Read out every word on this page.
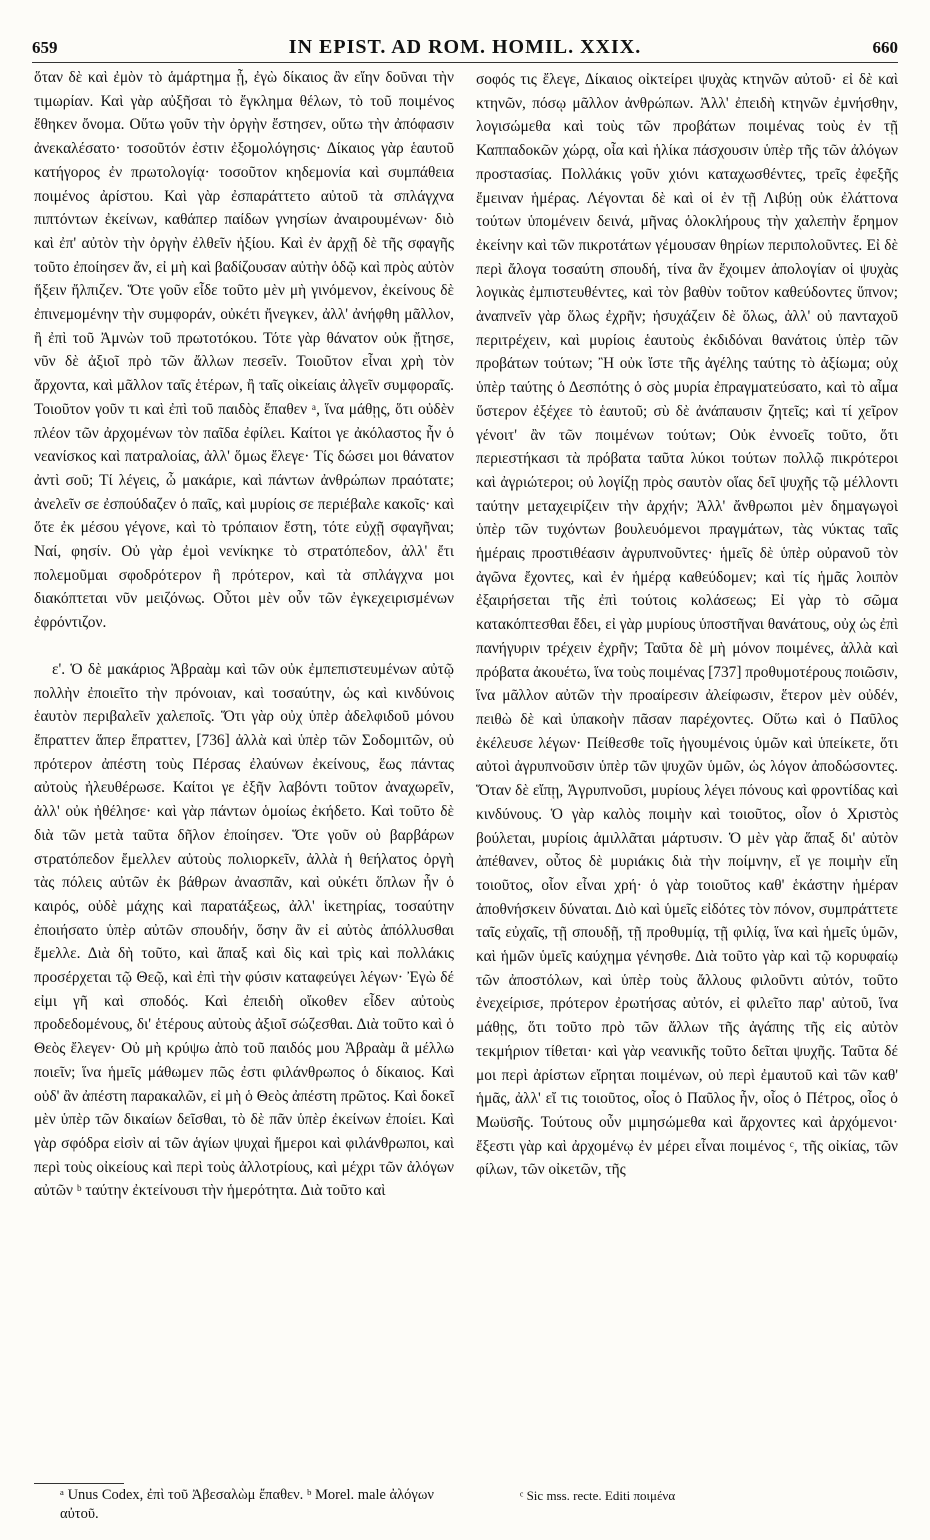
659	IN EPIST. AD ROM. HOMIL. XXIX.	660

ὅταν δὲ καὶ ἐμὸν τὸ ἁμάρτημα ᾖ, ἐγὼ δίκαιος ἂν εἴην δοῦναι τὴν τιμωρίαν. Καὶ γὰρ αὐξῆσαι τὸ ἔγκλημα θέλων, τὸ τοῦ ποιμένος ἔθηκεν ὄνομα. Οὕτω γοῦν τὴν ὀργὴν ἔστησεν, οὕτω τὴν ἀπόφασιν ἀνεκαλέσατο· τοσοῦτόν ἐστιν ἐξομολόγησις· Δίκαιος γὰρ ἑαυτοῦ κατήγορος ἐν πρωτολογίᾳ· τοσοῦτον κηδεμονία καὶ συμπάθεια ποιμένος ἀρίστου. Καὶ γὰρ ἐσπαράττετο αὐτοῦ τὰ σπλάγχνα πιπτόντων ἐκείνων, καθάπερ παίδων γνησίων ἀναιρουμένων· διὸ καὶ ἐπ' αὐτὸν τὴν ὀργὴν ἐλθεῖν ἠξίου. Καὶ ἐν ἀρχῇ δὲ τῆς σφαγῆς τοῦτο ἐποίησεν ἄν, εἰ μὴ καὶ βαδίζουσαν αὐτὴν ὁδῷ καὶ πρὸς αὐτὸν ἥξειν ἤλπιζεν. Ὅτε γοῦν εἶδε τοῦτο μὲν μὴ γινόμενον, ἐκείνους δὲ ἐπινεμομένην τὴν συμφοράν, οὐκέτι ἤνεγκεν, ἀλλ' ἀνήφθη μᾶλλον, ἢ ἐπὶ τοῦ Ἀμνὼν τοῦ πρωτοτόκου. Τότε γὰρ θάνατον οὐκ ᾔτησε, νῦν δὲ ἀξιοῖ πρὸ τῶν ἄλλων πεσεῖν. Τοιοῦτον εἶναι χρὴ τὸν ἄρχοντα, καὶ μᾶλλον ταῖς ἑτέρων, ἢ ταῖς οἰκείαις ἀλγεῖν συμφοραῖς. Τοιοῦτον γοῦν τι καὶ ἐπὶ τοῦ παιδὸς ἔπαθεν ᵃ, ἵνα μάθῃς, ὅτι οὐδὲν πλέον τῶν ἀρχομένων τὸν παῖδα ἐφίλει. Καίτοι γε ἀκόλαστος ἦν ὁ νεανίσκος καὶ πατραλοίας, ἀλλ' ὅμως ἔλεγε· Τίς δώσει μοι θάνατον ἀντὶ σοῦ; Τί λέγεις, ὦ μακάριε, καὶ πάντων ἀνθρώπων πραότατε; ἀνελεῖν σε ἐσπούδαζεν ὁ παῖς, καὶ μυρίοις σε περιέβαλε κακοῖς· καὶ ὅτε ἐκ μέσου γέγονε, καὶ τὸ τρόπαιον ἔστη, τότε εὐχῇ σφαγῆναι; Ναί, φησίν. Οὐ γὰρ ἐμοὶ νενίκηκε τὸ στρατόπεδον, ἀλλ' ἔτι πολεμοῦμαι σφοδρότερον ἢ πρότερον, καὶ τὰ σπλάγχνα μοι διακόπτεται νῦν μειζόνως. Οὗτοι μὲν οὖν τῶν ἐγκεχειρισμένων ἐφρόντιζον.

ε'. Ὁ δὲ μακάριος Ἀβραὰμ καὶ τῶν οὐκ ἐμπεπιστευμένων αὐτῷ πολλὴν ἐποιεῖτο τὴν πρόνοιαν, καὶ τοσαύτην, ὡς καὶ κινδύνοις ἑαυτὸν περιβαλεῖν χαλεποῖς. Ὅτι γὰρ οὐχ ὑπὲρ ἀδελφιδοῦ μόνου ἔπραττεν ἅπερ ἔπραττεν, [736] ἀλλὰ καὶ ὑπὲρ τῶν Σοδομιτῶν, οὐ πρότερον ἀπέστη τοὺς Πέρσας ἐλαύνων ἐκείνους, ἕως πάντας αὐτοὺς ἠλευθέρωσε. Καίτοι γε ἐξῆν λαβόντι τοῦτον ἀναχωρεῖν, ἀλλ' οὐκ ἠθέλησε· καὶ γὰρ πάντων ὁμοίως ἐκήδετο. Καὶ τοῦτο δὲ διὰ τῶν μετὰ ταῦτα δῆλον ἐποίησεν. Ὅτε γοῦν οὐ βαρβάρων στρατόπεδον ἔμελλεν αὐτοὺς πολιορκεῖν, ἀλλὰ ἡ θεήλατος ὀργὴ τὰς πόλεις αὐτῶν ἐκ βάθρων ἀνασπᾶν, καὶ οὐκέτι ὅπλων ἦν ὁ καιρός, οὐδὲ μάχης καὶ παρατάξεως, ἀλλ' ἱκετηρίας, τοσαύτην ἐποιήσατο ὑπὲρ αὐτῶν σπουδήν, ὅσην ἂν εἰ αὐτὸς ἀπόλλυσθαι ἔμελλε. Διὰ δὴ τοῦτο, καὶ ἅπαξ καὶ δὶς καὶ τρὶς καὶ πολλάκις προσέρχεται τῷ Θεῷ, καὶ ἐπὶ τὴν φύσιν καταφεύγει λέγων· Ἐγὼ δέ εἰμι γῆ καὶ σποδός. Καὶ ἐπειδὴ οἴκοθεν εἶδεν αὐτοὺς προδεδομένους, δι' ἑτέρους αὐτοὺς ἀξιοῖ σώζεσθαι. Διὰ τοῦτο καὶ ὁ Θεὸς ἔλεγεν· Οὐ μὴ κρύψω ἀπὸ τοῦ παιδός μου Ἀβραὰμ ἃ μέλλω ποιεῖν; ἵνα ἡμεῖς μάθωμεν πῶς ἐστι φιλάνθρωπος ὁ δίκαιος. Καὶ οὐδ' ἂν ἀπέστη παρακαλῶν, εἰ μὴ ὁ Θεὸς ἀπέστη πρῶτος. Καὶ δοκεῖ μὲν ὑπὲρ τῶν δικαίων δεῖσθαι, τὸ δὲ πᾶν ὑπὲρ ἐκείνων ἐποίει. Καὶ γὰρ σφόδρα εἰσὶν αἱ τῶν ἁγίων ψυχαὶ ἥμεροι καὶ φιλάνθρωποι, καὶ περὶ τοὺς οἰκείους καὶ περὶ τοὺς ἀλλοτρίους, καὶ μέχρι τῶν ἀλόγων αὐτῶν ᵇ ταύτην ἐκτείνουσι τὴν ἡμερότητα. Διὰ τοῦτο καὶ

σοφός τις ἔλεγε, Δίκαιος οἰκτείρει ψυχὰς κτηνῶν αὐτοῦ· εἰ δὲ καὶ κτηνῶν, πόσῳ μᾶλλον ἀνθρώπων. Ἀλλ' ἐπειδὴ κτηνῶν ἐμνήσθην, λογισώμεθα καὶ τοὺς τῶν προβάτων ποιμένας τοὺς ἐν τῇ Καππαδοκῶν χώρᾳ, οἷα καὶ ἡλίκα πάσχουσιν ὑπὲρ τῆς τῶν ἀλόγων προστασίας. Πολλάκις γοῦν χιόνι καταχωσθέντες, τρεῖς ἐφεξῆς ἔμειναν ἡμέρας. Λέγονται δὲ καὶ οἱ ἐν τῇ Λιβύῃ οὐκ ἐλάττονα τούτων ὑπομένειν δεινά, μῆνας ὁλοκλήρους τὴν χαλεπὴν ἔρημον ἐκείνην καὶ τῶν πικροτάτων γέμουσαν θηρίων περιπολοῦντες. Εἰ δὲ περὶ ἄλογα τοσαύτη σπουδή, τίνα ἂν ἔχοιμεν ἀπολογίαν οἱ ψυχὰς λογικὰς ἐμπιστευθέντες, καὶ τὸν βαθὺν τοῦτον καθεύδοντες ὕπνον; ἀναπνεῖν γὰρ ὅλως ἐχρῆν; ἡσυχάζειν δὲ ὅλως, ἀλλ' οὐ πανταχοῦ περιτρέχειν, καὶ μυρίοις ἑαυτοὺς ἐκδιδόναι θανάτοις ὑπὲρ τῶν προβάτων τούτων; Ἢ οὐκ ἴστε τῆς ἀγέλης ταύτης τὸ ἀξίωμα; οὐχ ὑπὲρ ταύτης ὁ Δεσπότης ὁ σὸς μυρία ἐπραγματεύσατο, καὶ τὸ αἷμα ὕστερον ἐξέχεε τὸ ἑαυτοῦ; σὺ δὲ ἀνάπαυσιν ζητεῖς; καὶ τί χεῖρον γένοιτ' ἂν τῶν ποιμένων τούτων; Οὐκ ἐννοεῖς τοῦτο, ὅτι περιεστήκασι τὰ πρόβατα ταῦτα λύκοι τούτων πολλῷ πικρότεροι καὶ ἀγριώτεροι; οὐ λογίζῃ πρὸς σαυτὸν οἵας δεῖ ψυχῆς τῷ μέλλοντι ταύτην μεταχειρίζειν τὴν ἀρχήν; Ἀλλ' ἄνθρωποι μὲν δημαγωγοὶ ὑπὲρ τῶν τυχόντων βουλευόμενοι πραγμάτων, τὰς νύκτας ταῖς ἡμέραις προστιθέασιν ἀγρυπνοῦντες· ἡμεῖς δὲ ὑπὲρ οὐρανοῦ τὸν ἀγῶνα ἔχοντες, καὶ ἐν ἡμέρᾳ καθεύδομεν; καὶ τίς ἡμᾶς λοιπὸν ἐξαιρήσεται τῆς ἐπὶ τούτοις κολάσεως; Εἰ γὰρ τὸ σῶμα κατακόπτεσθαι ἔδει, εἰ γὰρ μυρίους ὑποστῆναι θανάτους, οὐχ ὡς ἐπὶ πανήγυριν τρέχειν ἐχρῆν; Ταῦτα δὲ μὴ μόνον ποιμένες, ἀλλὰ καὶ πρόβατα ἀκουέτω, ἵνα τοὺς ποιμένας [737] προθυμοτέρους ποιῶσιν, ἵνα μᾶλλον αὐτῶν τὴν προαίρεσιν ἀλείφωσιν, ἕτερον μὲν οὐδέν, πειθὼ δὲ καὶ ὑπακοὴν πᾶσαν παρέχοντες. Οὕτω καὶ ὁ Παῦλος ἐκέλευσε λέγων· Πείθεσθε τοῖς ἡγουμένοις ὑμῶν καὶ ὑπείκετε, ὅτι αὐτοὶ ἀγρυπνοῦσιν ὑπὲρ τῶν ψυχῶν ὑμῶν, ὡς λόγον ἀποδώσοντες. Ὅταν δὲ εἴπῃ, Ἀγρυπνοῦσι, μυρίους λέγει πόνους καὶ φροντίδας καὶ κινδύνους. Ὁ γὰρ καλὸς ποιμὴν καὶ τοιοῦτος, οἷον ὁ Χριστὸς βούλεται, μυρίοις ἁμιλλᾶται μάρτυσιν. Ὁ μὲν γὰρ ἅπαξ δι' αὐτὸν ἀπέθανεν, οὗτος δὲ μυριάκις διὰ τὴν ποίμνην, εἴ γε ποιμὴν εἴη τοιοῦτος, οἷον εἶναι χρή· ὁ γὰρ τοιοῦτος καθ' ἑκάστην ἡμέραν ἀποθνήσκειν δύναται. Διὸ καὶ ὑμεῖς εἰδότες τὸν πόνον, συμπράττετε ταῖς εὐχαῖς, τῇ σπουδῇ, τῇ προθυμίᾳ, τῇ φιλίᾳ, ἵνα καὶ ἡμεῖς ὑμῶν, καὶ ἡμῶν ὑμεῖς καύχημα γένησθε. Διὰ τοῦτο γὰρ καὶ τῷ κορυφαίῳ τῶν ἀποστόλων, καὶ ὑπὲρ τοὺς ἄλλους φιλοῦντι αὐτόν, τοῦτο ἐνεχείρισε, πρότερον ἐρωτήσας αὐτόν, εἰ φιλεῖτο παρ' αὐτοῦ, ἵνα μάθῃς, ὅτι τοῦτο πρὸ τῶν ἄλλων τῆς ἀγάπης τῆς εἰς αὐτὸν τεκμήριον τίθεται· καὶ γὰρ νεανικῆς τοῦτο δεῖται ψυχῆς. Ταῦτα δέ μοι περὶ ἀρίστων εἴρηται ποιμένων, οὐ περὶ ἐμαυτοῦ καὶ τῶν καθ' ἡμᾶς, ἀλλ' εἴ τις τοιοῦτος, οἷος ὁ Παῦλος ἦν, οἷος ὁ Πέτρος, οἷος ὁ Μωϋσῆς. Τούτους οὖν μιμησώμεθα καὶ ἄρχοντες καὶ ἀρχόμενοι· ἔξεστι γὰρ καὶ ἀρχομένῳ ἐν μέρει εἶναι ποιμένος ᶜ, τῆς οἰκίας, τῶν φίλων, τῶν οἰκετῶν, τῆς

ᵃ Unus Codex, ἐπὶ τοῦ Ἀβεσαλὼμ ἔπαθεν. ᵇ Morel. male ἀλόγων αὐτοῦ.
ᶜ Sic mss. recte. Editi ποιμένα
